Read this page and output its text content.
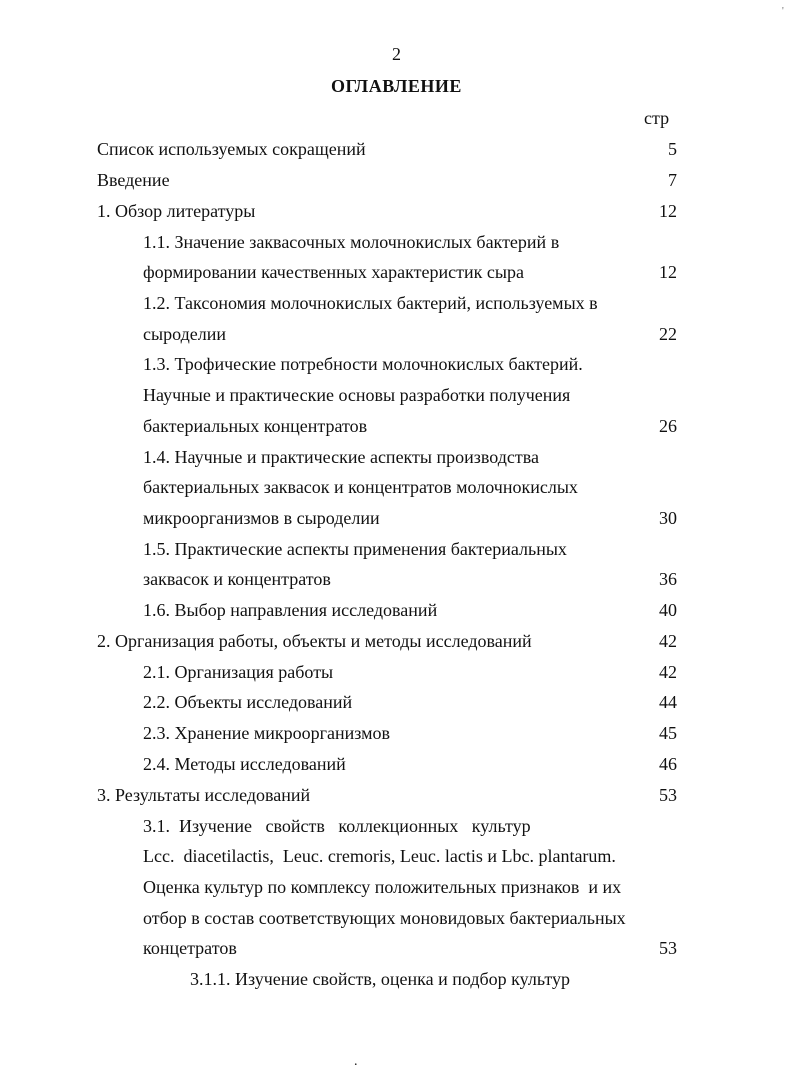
'
2
ОГЛАВЛЕНИЕ
стр
Список используемых сокращений	5
Введение	7
1. Обзор литературы	12
1.1. Значение заквасочных молочнокислых бактерий в
формировании качественных характеристик сыра	12
1.2. Таксономия молочнокислых бактерий, используемых в
сыроделии	22
1.3. Трофические потребности молочнокислых бактерий.
Научные и практические основы разработки получения
бактериальных концентратов	26
1.4. Научные и практические аспекты производства
бактериальных заквасок и концентратов молочнокислых
микроорганизмов в сыроделии	30
1.5. Практические аспекты применения бактериальных
заквасок и концентратов	36
1.6. Выбор направления исследований	40
2. Организация работы, объекты и методы исследований	42
2.1. Организация работы	42
2.2. Объекты исследований	44
2.3. Хранение микроорганизмов	45
2.4. Методы исследований	46
3. Результаты исследований	53
3.1.  Изучение   свойств   коллекционных   культур
Lcc.  diacetilactis,  Leuc. cremoris, Leuc. lactis и Lbc. plantarum.
Оценка культур по комплексу положительных признаков  и их
отбор в состав соответствующих моновидовых бактериальных
концетратов	53
3.1.1. Изучение свойств, оценка и подбор культур
.
